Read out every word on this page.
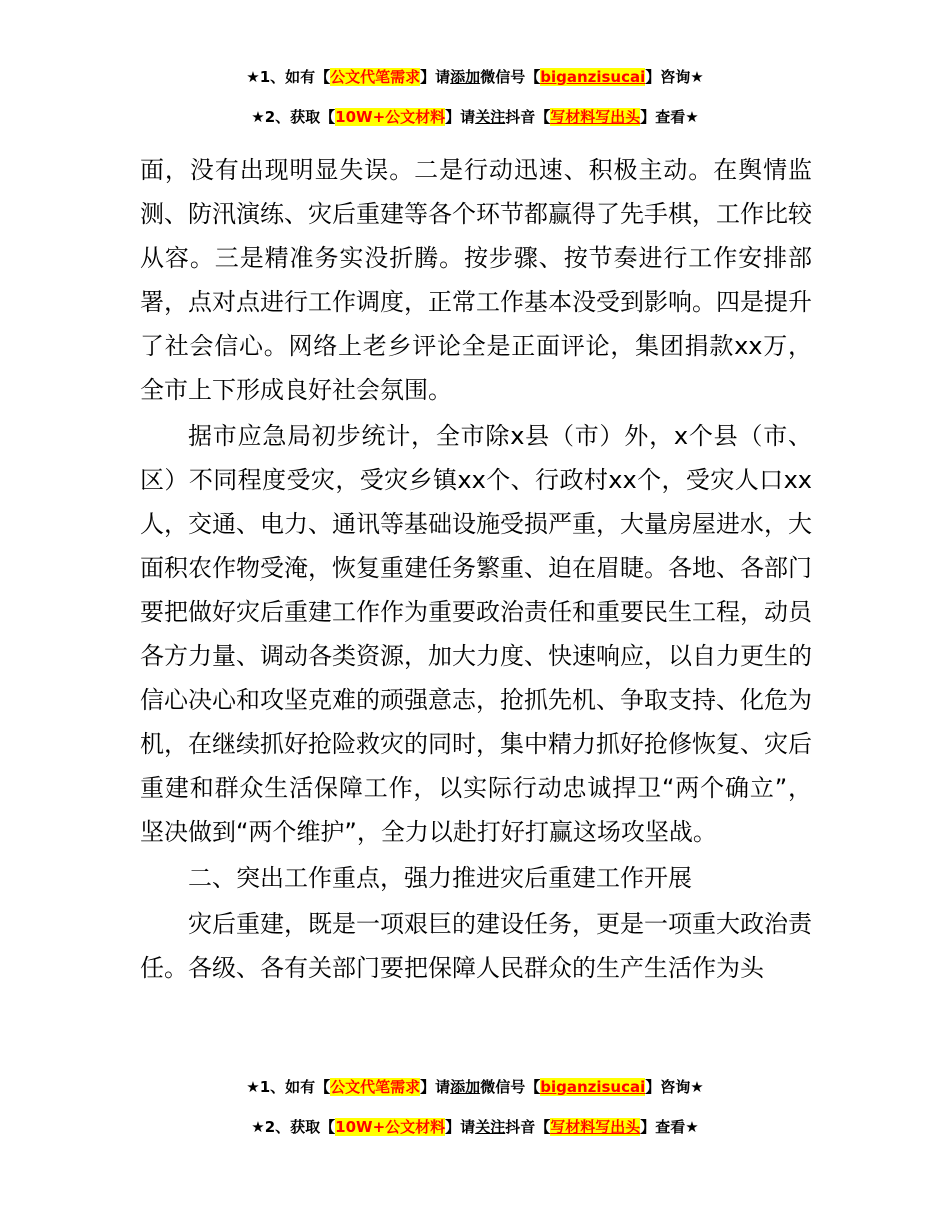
★1、如有【公文代笔需求】请添加微信号【biganzisucai】咨询★
★2、获取【10W+公文材料】请关注抖音【写材料写出头】查看★

面，没有出现明显失误。二是行动迅速、积极主动。在舆情监测、防汛演练、灾后重建等各个环节都赢得了先手棋，工作比较从容。三是精准务实没折腾。按步骤、按节奏进行工作安排部署，点对点进行工作调度，正常工作基本没受到影响。四是提升了社会信心。网络上老乡评论全是正面评论，集团捐款xx万，全市上下形成良好社会氛围。

据市应急局初步统计，全市除x县（市）外，x个县（市、区）不同程度受灾，受灾乡镇xx个、行政村xx个，受灾人口xx人，交通、电力、通讯等基础设施受损严重，大量房屋进水，大面积农作物受淹，恢复重建任务繁重、迫在眉睫。各地、各部门要把做好灾后重建工作作为重要政治责任和重要民生工程，动员各方力量、调动各类资源，加大力度、快速响应，以自力更生的信心决心和攻坚克难的顽强意志，抢抓先机、争取支持、化危为机，在继续抓好抢险救灾的同时，集中精力抓好抢修恢复、灾后重建和群众生活保障工作，以实际行动忠诚捍卫“两个确立”，坚决做到“两个维护”，全力以赴打好打赢这场攻坚战。

二、突出工作重点，强力推进灾后重建工作开展

灾后重建，既是一项艰巨的建设任务，更是一项重大政治责任。各级、各有关部门要把保障人民群众的生产生活作为头

★1、如有【公文代笔需求】请添加微信号【biganzisucai】咨询★
★2、获取【10W+公文材料】请关注抖音【写材料写出头】查看★
